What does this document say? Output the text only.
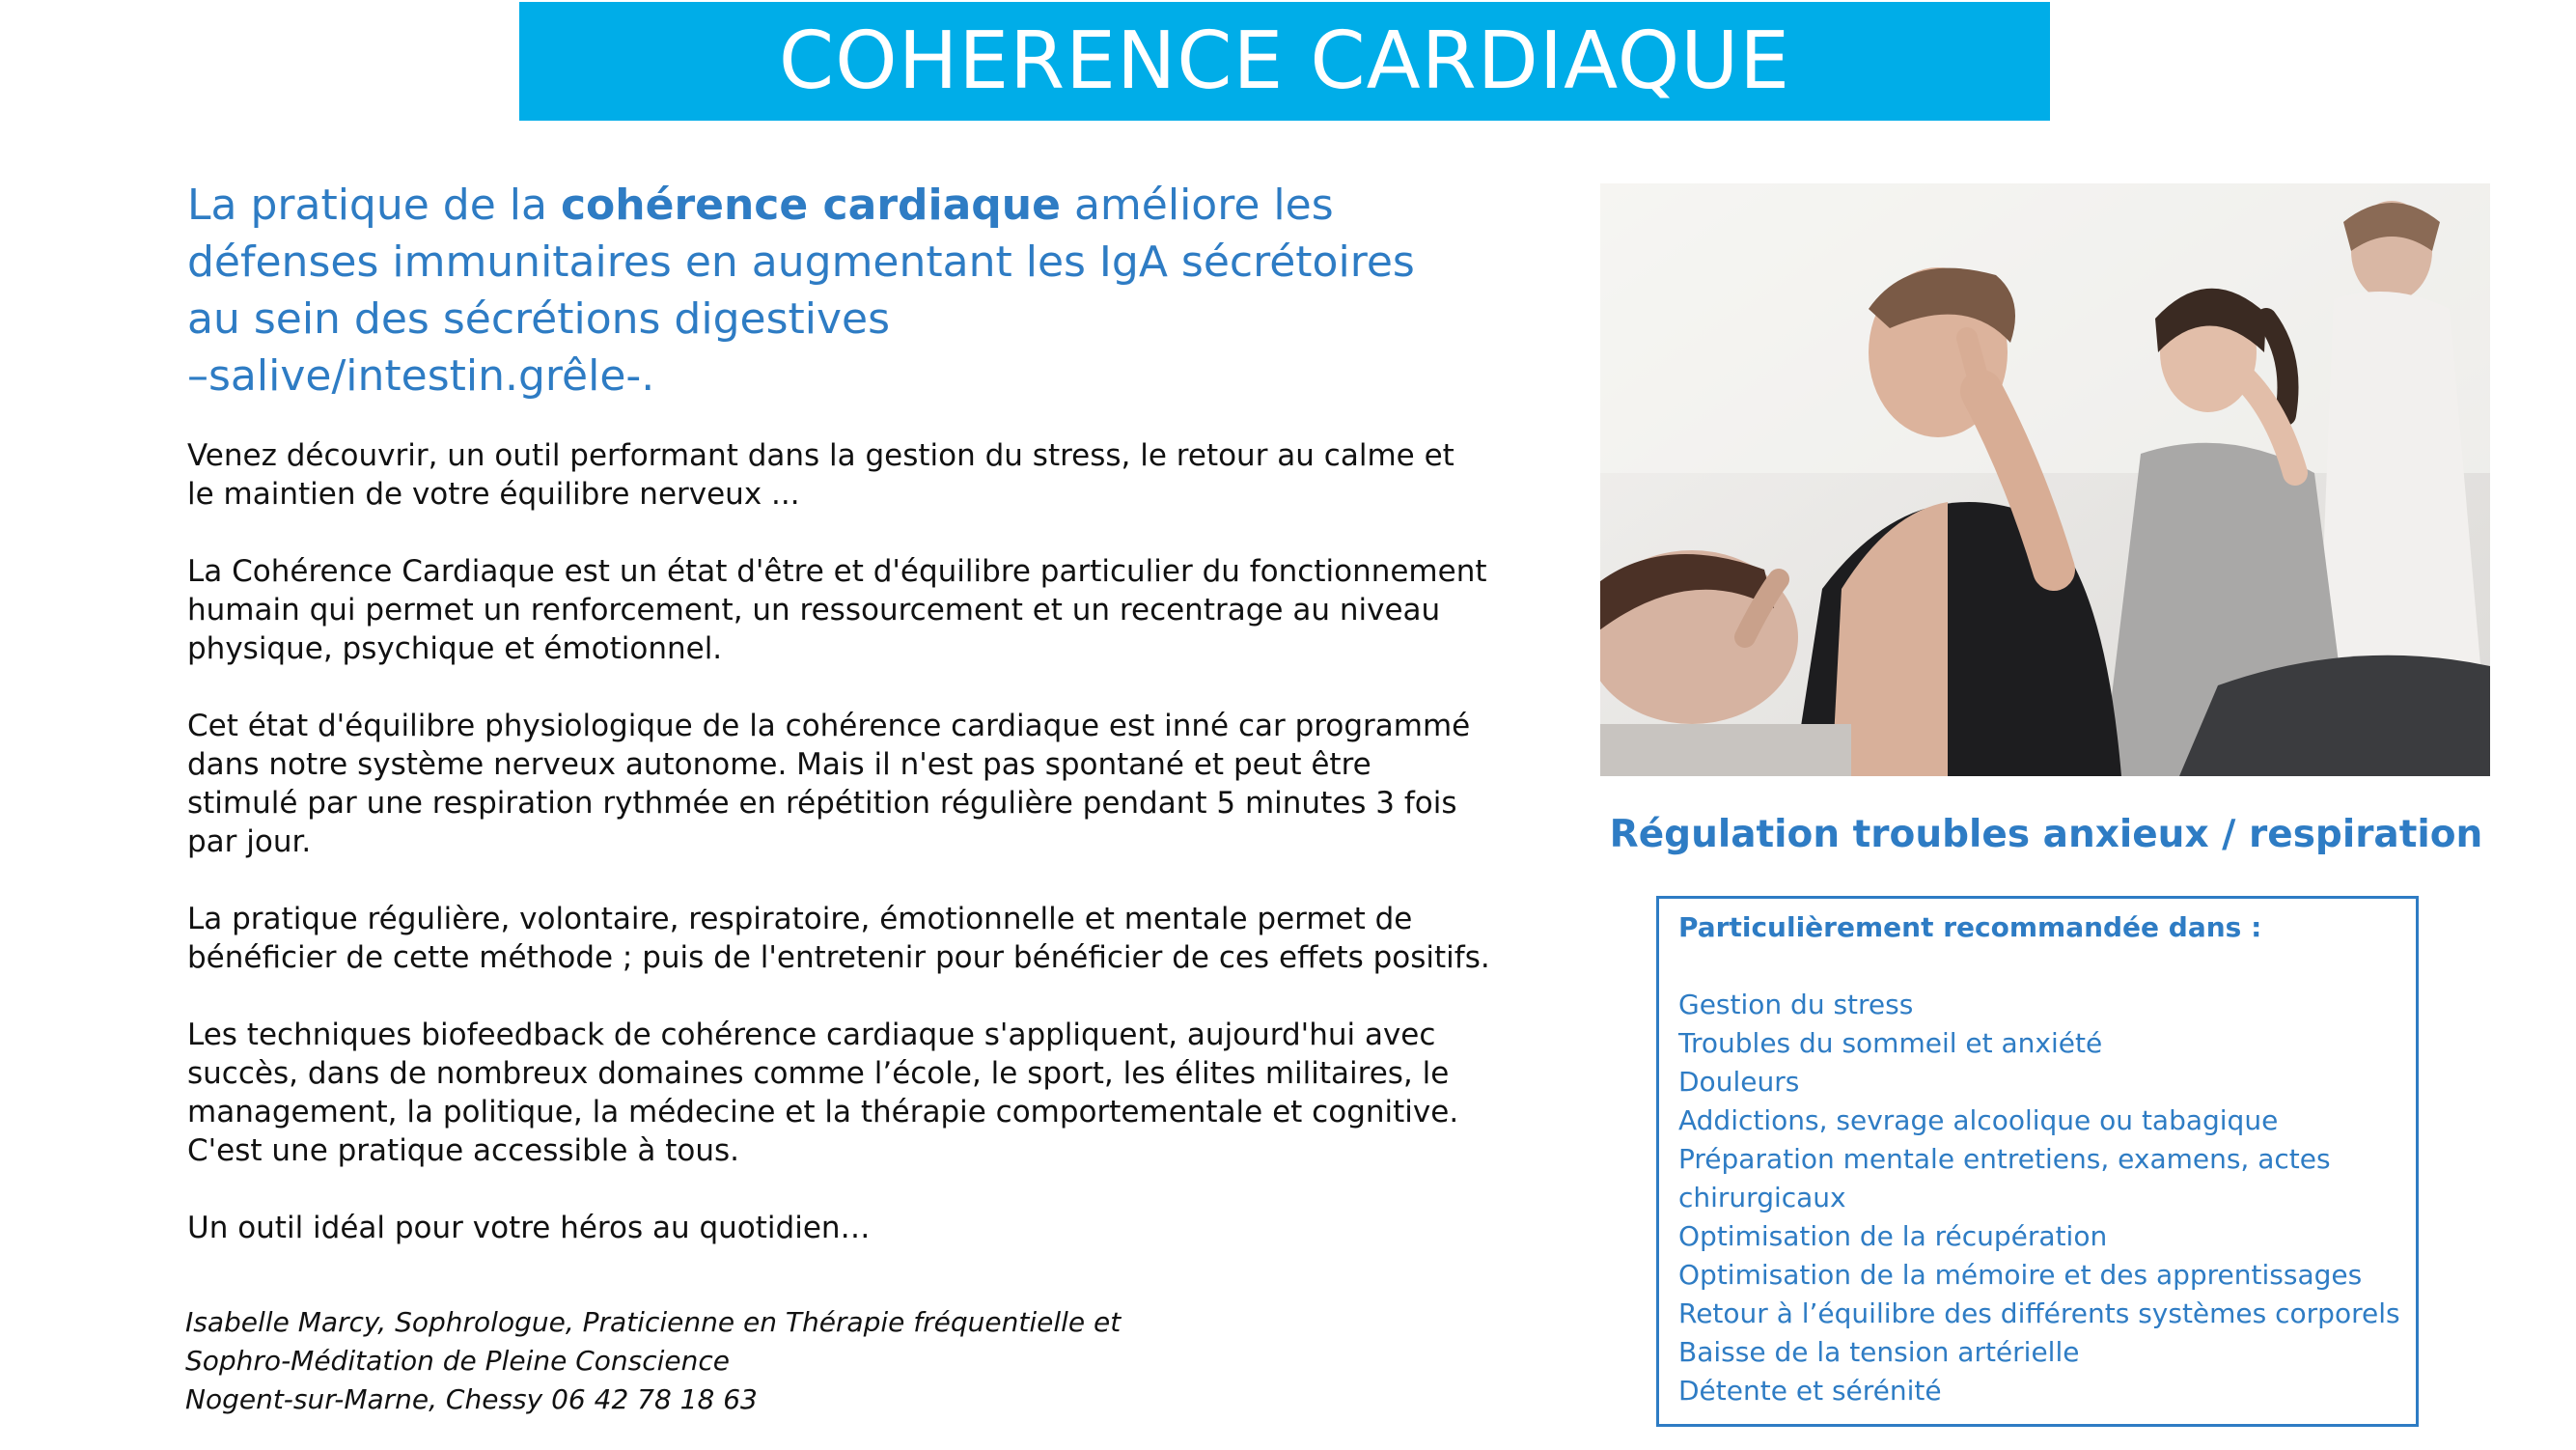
COHERENCE CARDIAQUE
La pratique de la cohérence cardiaque améliore les défenses immunitaires en augmentant les IgA sécrétoires au sein des sécrétions digestives
–salive/intestin.grêle-.

Venez découvrir, un outil performant dans la gestion du stress, le retour au calme et le maintien de votre équilibre nerveux ...

La Cohérence Cardiaque est un état d'être et d'équilibre particulier du fonctionnement humain qui permet un renforcement, un ressourcement et un recentrage au niveau physique, psychique et émotionnel.

Cet état d'équilibre physiologique de la cohérence cardiaque est inné car programmé dans notre système nerveux autonome. Mais il n'est pas spontané et peut être stimulé par une respiration rythmée en répétition régulière pendant 5 minutes 3 fois par jour.

La pratique régulière, volontaire, respiratoire, émotionnelle et mentale permet de bénéficier de cette méthode ; puis de l'entretenir pour bénéficier de ces effets positifs.

Les techniques biofeedback de cohérence cardiaque s'appliquent, aujourd'hui avec succès, dans de nombreux domaines comme l’école, le sport, les élites militaires, le management, la politique, la médecine et la thérapie comportementale et cognitive. C'est une pratique accessible à tous.

Un outil idéal pour votre héros au quotidien…

Isabelle Marcy, Sophrologue, Praticienne en Thérapie fréquentielle et
Sophro-Méditation de Pleine Conscience
Nogent-sur-Marne, Chessy 06 42 78 18 63
Régulation troubles anxieux / respiration
Particulièrement recommandée dans :
Gestion du stress
Troubles du sommeil et anxiété
Douleurs
Addictions, sevrage alcoolique ou tabagique
Préparation mentale entretiens, examens, actes chirurgicaux
Optimisation de la récupération
Optimisation de la mémoire et des apprentissages
Retour à l’équilibre des différents systèmes corporels
Baisse de la tension artérielle
Détente et sérénité
